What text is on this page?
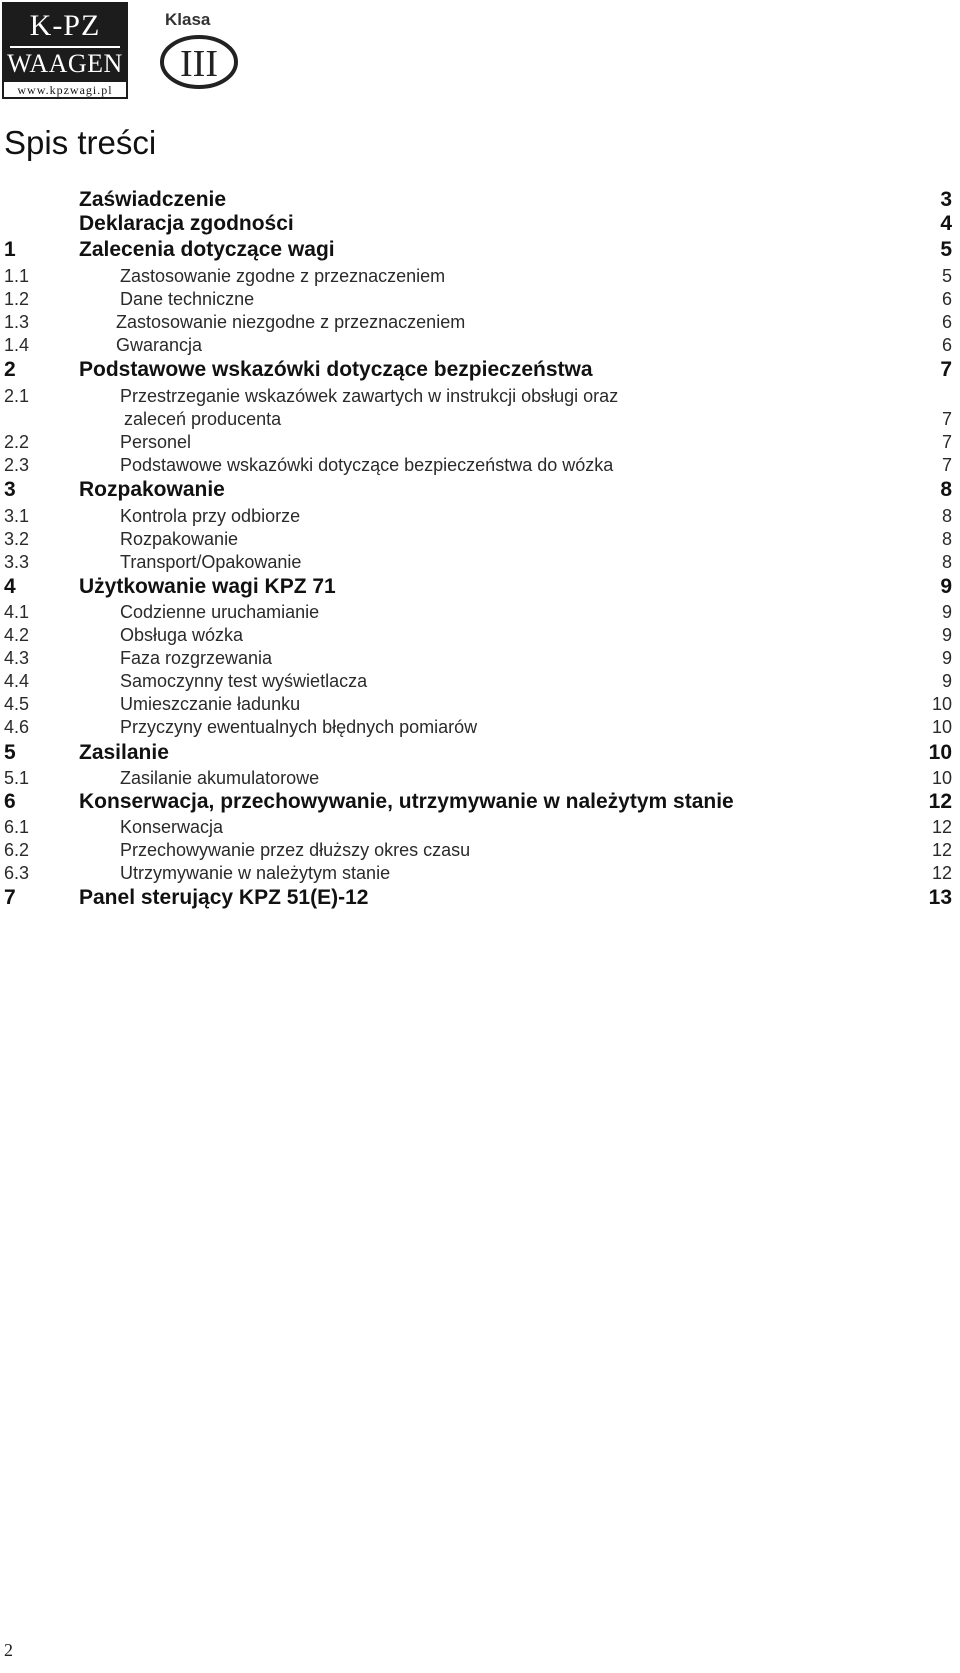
K-PZ
WAAGEN
www.kpzwagi.pl
Klasa
III
Spis treści
Zaświadczenie	3
Deklaracja zgodności	4
1	Zalecenia dotyczące wagi	5
1.1	Zastosowanie zgodne z przeznaczeniem	5
1.2	Dane techniczne	6
1.3	Zastosowanie niezgodne z przeznaczeniem	6
1.4	Gwarancja	6
2	Podstawowe wskazówki dotyczące bezpieczeństwa	7
2.1	Przestrzeganie wskazówek zawartych w instrukcji obsługi oraz
zaleceń producenta	7
2.2	Personel	7
2.3	Podstawowe wskazówki dotyczące bezpieczeństwa do wózka	7
3	Rozpakowanie	8
3.1	Kontrola przy odbiorze	8
3.2	Rozpakowanie	8
3.3	Transport/Opakowanie	8
4	Użytkowanie wagi KPZ 71	9
4.1	Codzienne uruchamianie	9
4.2	Obsługa wózka	9
4.3	Faza rozgrzewania	9
4.4	Samoczynny test wyświetlacza	9
4.5	Umieszczanie ładunku	10
4.6	Przyczyny ewentualnych błędnych pomiarów	10
5	Zasilanie	10
5.1	Zasilanie akumulatorowe	10
6	Konserwacja, przechowywanie, utrzymywanie w należytym stanie	12
6.1	Konserwacja	12
6.2	Przechowywanie przez dłuższy okres czasu	12
6.3	Utrzymywanie w należytym stanie	12
7	Panel sterujący KPZ 51(E)-12	13
2
